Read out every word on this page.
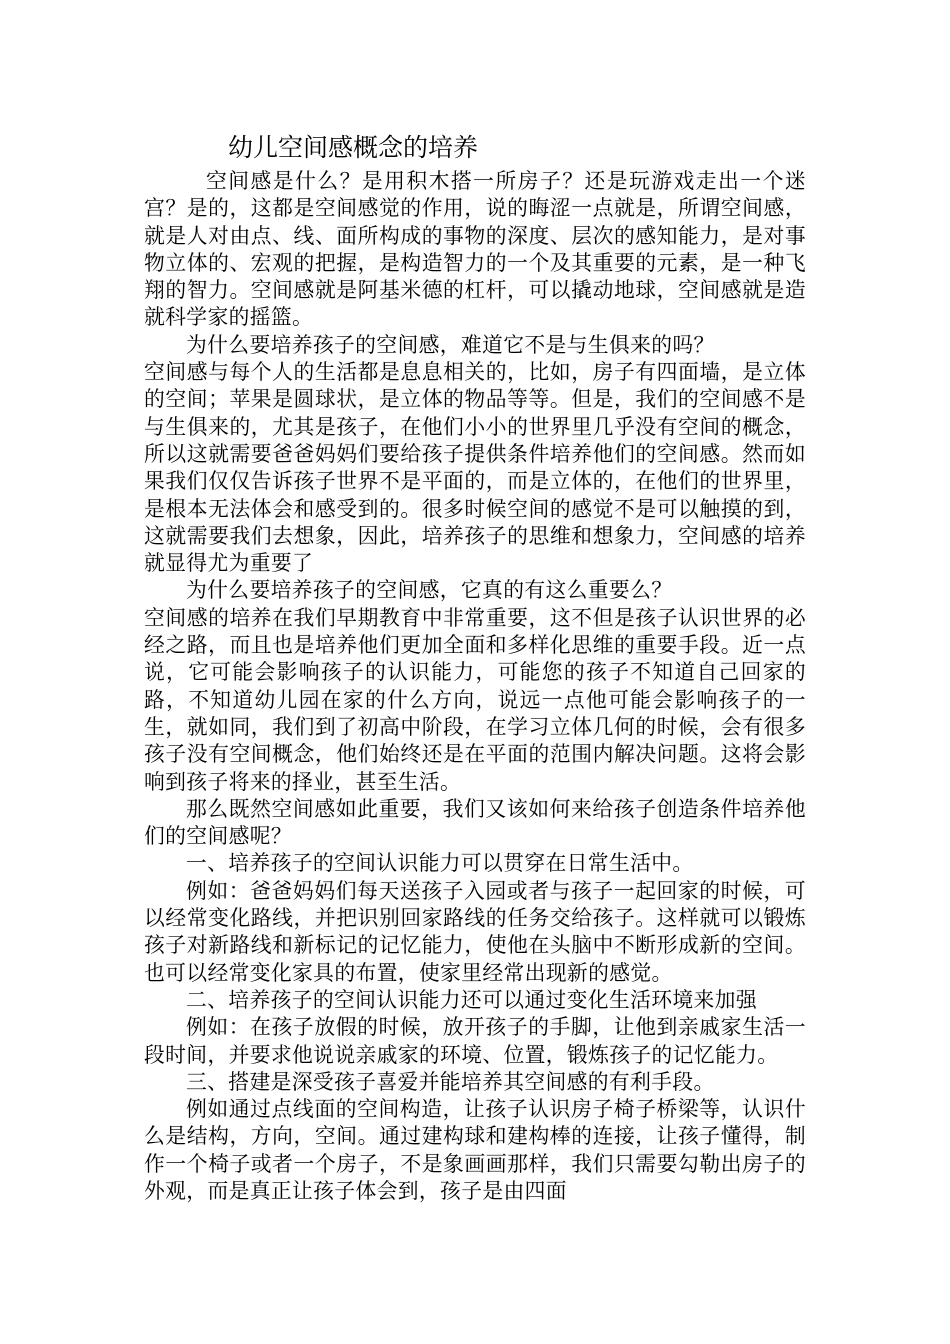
幼儿空间感概念的培养

空间感是什么？是用积木搭一所房子？还是玩游戏走出一个迷宫？是的，这都是空间感觉的作用，说的晦涩一点就是，所谓空间感，就是人对由点、线、面所构成的事物的深度、层次的感知能力，是对事物立体的、宏观的把握，是构造智力的一个及其重要的元素，是一种飞翔的智力。空间感就是阿基米德的杠杆，可以撬动地球，空间感就是造就科学家的摇篮。

为什么要培养孩子的空间感，难道它不是与生俱来的吗？

空间感与每个人的生活都是息息相关的，比如，房子有四面墙，是立体的空间；苹果是圆球状，是立体的物品等等。但是，我们的空间感不是与生俱来的，尤其是孩子，在他们小小的世界里几乎没有空间的概念，所以这就需要爸爸妈妈们要给孩子提供条件培养他们的空间感。然而如果我们仅仅告诉孩子世界不是平面的，而是立体的，在他们的世界里，是根本无法体会和感受到的。很多时候空间的感觉不是可以触摸的到，这就需要我们去想象，因此，培养孩子的思维和想象力，空间感的培养就显得尤为重要了

为什么要培养孩子的空间感，它真的有这么重要么？

空间感的培养在我们早期教育中非常重要，这不但是孩子认识世界的必经之路，而且也是培养他们更加全面和多样化思维的重要手段。近一点说，它可能会影响孩子的认识能力，可能您的孩子不知道自己回家的路，不知道幼儿园在家的什么方向，说远一点他可能会影响孩子的一生，就如同，我们到了初高中阶段，在学习立体几何的时候，会有很多孩子没有空间概念，他们始终还是在平面的范围内解决问题。这将会影响到孩子将来的择业，甚至生活。

那么既然空间感如此重要，我们又该如何来给孩子创造条件培养他们的空间感呢？

一、培养孩子的空间认识能力可以贯穿在日常生活中。

例如：爸爸妈妈们每天送孩子入园或者与孩子一起回家的时候，可以经常变化路线，并把识别回家路线的任务交给孩子。这样就可以锻炼孩子对新路线和新标记的记忆能力，使他在头脑中不断形成新的空间。也可以经常变化家具的布置，使家里经常出现新的感觉。

二、培养孩子的空间认识能力还可以通过变化生活环境来加强

例如：在孩子放假的时候，放开孩子的手脚，让他到亲戚家生活一段时间，并要求他说说亲戚家的环境、位置，锻炼孩子的记忆能力。

三、搭建是深受孩子喜爱并能培养其空间感的有利手段。

例如通过点线面的空间构造，让孩子认识房子椅子桥梁等，认识什么是结构，方向，空间。通过建构球和建构棒的连接，让孩子懂得，制作一个椅子或者一个房子，不是象画画那样，我们只需要勾勒出房子的外观，而是真正让孩子体会到，孩子是由四面
